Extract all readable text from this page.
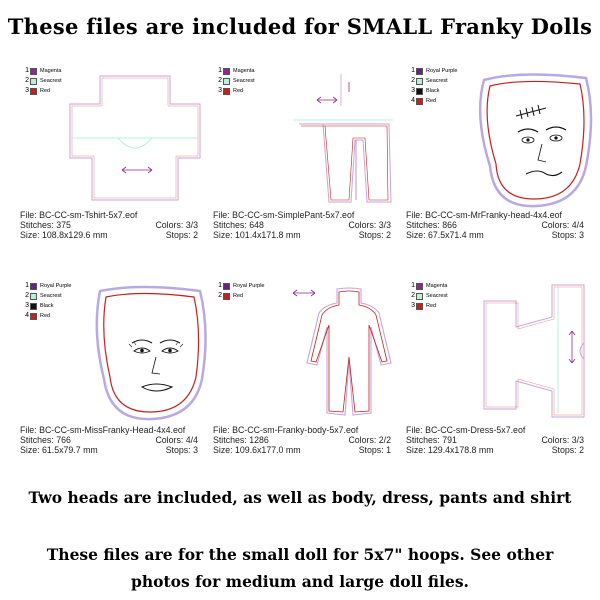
These files are included for SMALL Franky Dolls
1 Magenta
2 Seacrest
3 Red
File: BC-CC-sm-Tshirt-5x7.eof
Stitches: 375	Colors: 3/3
Size: 108.8x129.6 mm	Stops: 2
1 Magenta
2 Seacrest
3 Red
File: BC-CC-sm-SimplePant-5x7.eof
Stitches: 648	Colors: 3/3
Size: 101.4x171.8 mm	Stops: 2
1 Royal Purple
2 Seacrest
3 Black
4 Red
File: BC-CC-sm-MrFranky-head-4x4.eof
Stitches: 866	Colors: 4/4
Size: 67.5x71.4 mm	Stops: 3
1 Royal Purple
2 Seacrest
3 Black
4 Red
File: BC-CC-sm-MissFranky-Head-4x4.eof
Stitches: 766	Colors: 4/4
Size: 61.5x79.7 mm	Stops: 3
1 Royal Purple
2 Red
File: BC-CC-sm-Franky-body-5x7.eof
Stitches: 1286	Colors: 2/2
Size: 109.6x177.0 mm	Stops: 1
1 Magenta
2 Seacrest
3 Red
File: BC-CC-sm-Dress-5x7.eof
Stitches: 791	Colors: 3/3
Size: 129.4x178.8 mm	Stops: 2
Two heads are included, as well as body, dress, pants and shirt
These files are for the small doll for 5x7" hoops. See other
photos for medium and large doll files.
